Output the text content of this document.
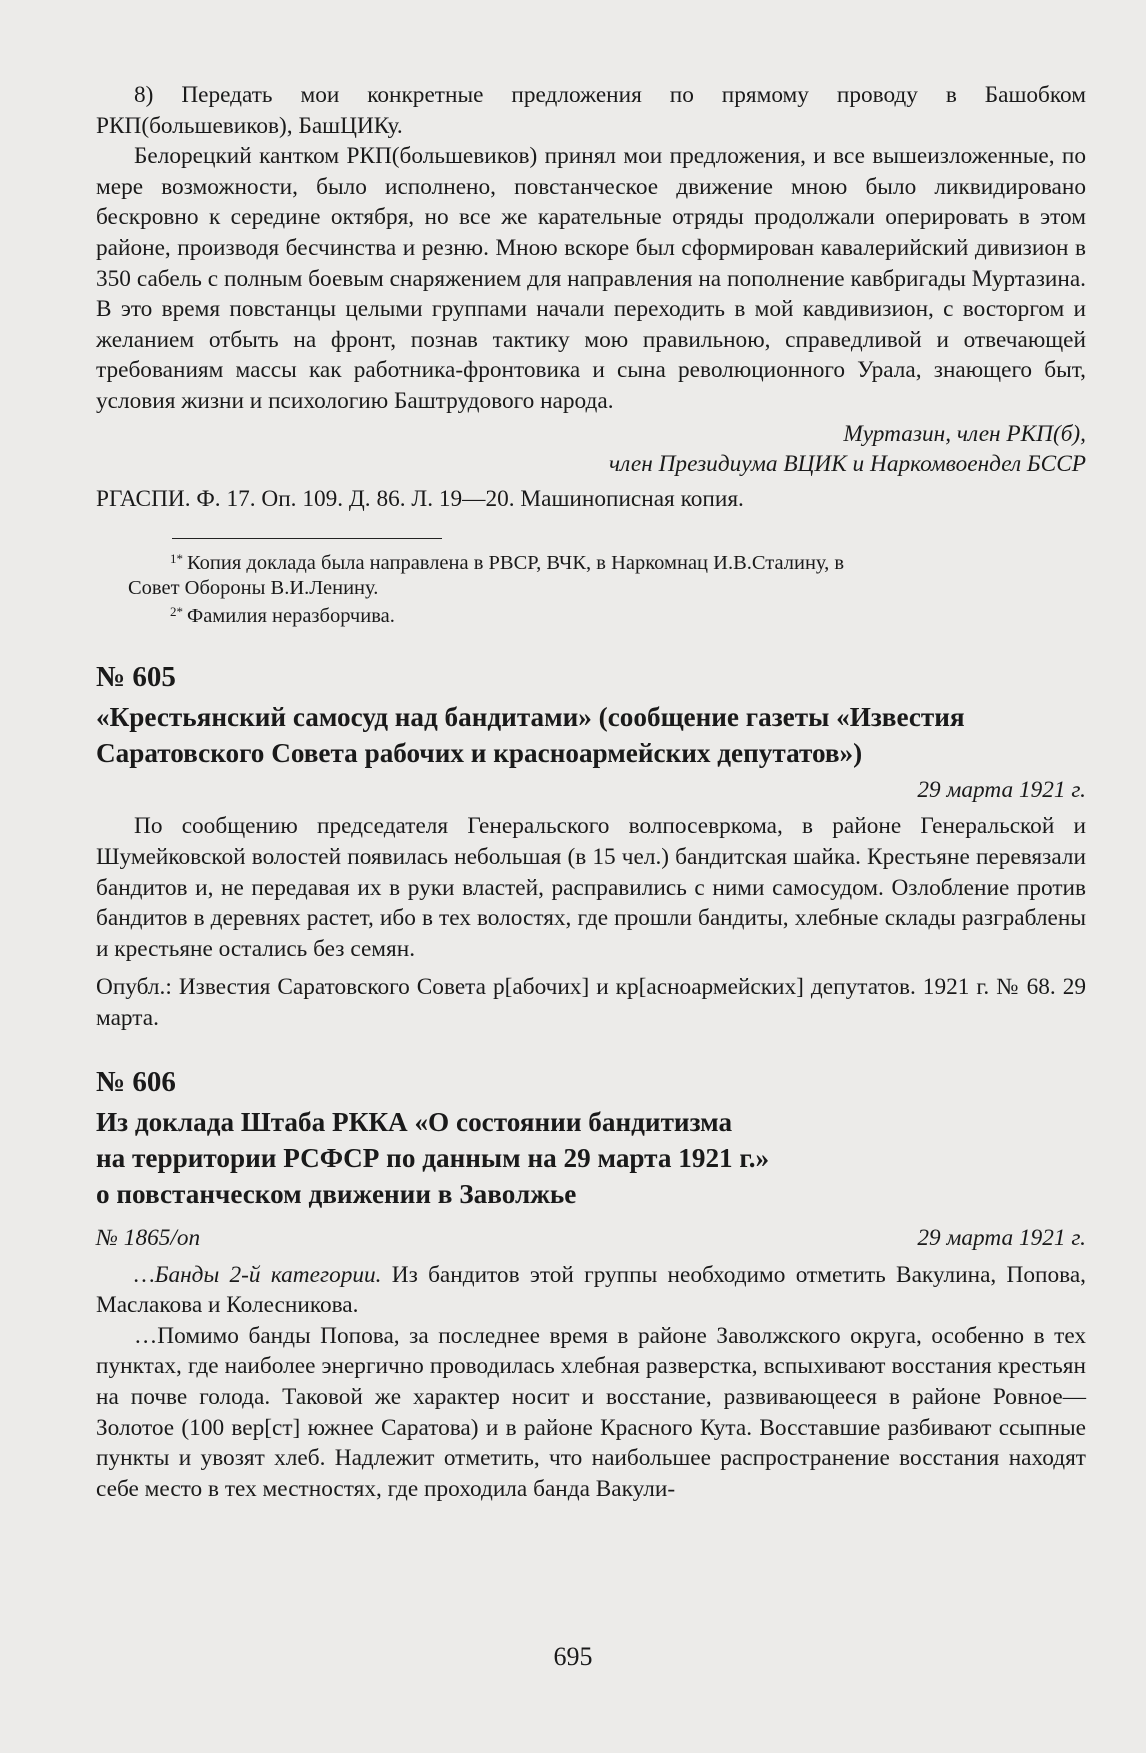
8) Передать мои конкретные предложения по прямому проводу в Башобком РКП(большевиков), БашЦИКу.

Белорецкий кантком РКП(большевиков) принял мои предложения, и все вышеизложенные, по мере возможности, было исполнено, повстанческое движение мною было ликвидировано бескровно к середине октября, но все же карательные отряды продолжали оперировать в этом районе, производя бесчинства и резню. Мною вскоре был сформирован кавалерийский дивизион в 350 сабель с полным боевым снаряжением для направления на пополнение кавбригады Муртазина. В это время повстанцы целыми группами начали переходить в мой кавдивизион, с восторгом и желанием отбыть на фронт, познав тактику мою правильною, справедливой и отвечающей требованиям массы как работника-фронтовика и сына революционного Урала, знающего быт, условия жизни и психологию Баштрудового народа.

Муртазин, член РКП(б),

член Президиума ВЦИК и Наркомвоендел БССР

РГАСПИ. Ф. 17. Оп. 109. Д. 86. Л. 19—20. Машинописная копия.

$^{1*}$ Копия доклада была направлена в РВСР, ВЧК, в Наркомнац И.В.Сталину, в

Совет Обороны В.И.Ленину.

$^{2*}$ Фамилия неразборчива.

№ 605

«Крестьянский самосуд над бандитами» (сообщение газеты «Известия Саратовского Совета рабочих и красноармейских депутатов»)

29 марта 1921 г.

По сообщению председателя Генеральского волпосевркома, в районе Генеральской и Шумейковской волостей появилась небольшая (в 15 чел.) бандитская шайка. Крестьяне перевязали бандитов и, не передавая их в руки властей, расправились с ними самосудом. Озлобление против бандитов в деревнях растет, ибо в тех волостях, где прошли бандиты, хлебные склады разграблены и крестьяне остались без семян.

Опубл.: Известия Саратовского Совета р[абочих] и кр[асноармейских] депутатов. 1921 г. № 68. 29 марта.

№ 606

Из доклада Штаба РККА «О состоянии бандитизма

на территории РСФСР по данным на 29 марта 1921 г.»

о повстанческом движении в Заволжье

№ 1865/оп	29 марта 1921 г.

…Банды 2-й категории. Из бандитов этой группы необходимо отметить Вакулина, Попова, Маслакова и Колесникова.

…Помимо банды Попова, за последнее время в районе Заволжского округа, особенно в тех пунктах, где наиболее энергично проводилась хлебная разверстка, вспыхивают восстания крестьян на почве голода. Таковой же характер носит и восстание, развивающееся в районе Ровное—Золотое (100 вер[ст] южнее Саратова) и в районе Красного Кута. Восставшие разбивают ссыпные пункты и увозят хлеб. Надлежит отметить, что наибольшее распространение восстания находят себе место в тех местностях, где проходила банда Вакули-

695
